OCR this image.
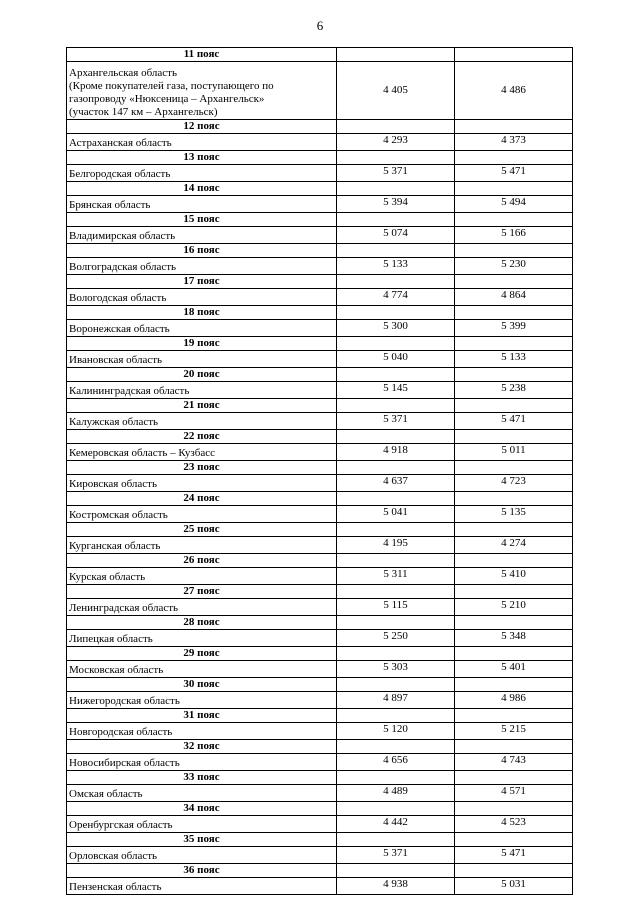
6
11 пояс		

Архангельская область
(Кроме покупателей газа, поступающего по
газопроводу «Нюксеница – Архангельск»
(участок 147 км – Архангельск)	4 405	4 486
12 пояс		

Астраханская область	4 293	4 373
13 пояс		

Белгородская область	5 371	5 471
14 пояс		

Брянская область	5 394	5 494
15 пояс		

Владимирская область	5 074	5 166
16 пояс		

Волгоградская область	5 133	5 230
17 пояс		

Вологодская область	4 774	4 864
18 пояс		

Воронежская область	5 300	5 399
19 пояс		

Ивановская область	5 040	5 133
20 пояс		

Калининградская область	5 145	5 238
21 пояс		

Калужская область	5 371	5 471
22 пояс		

Кемеровская область – Кузбасс	4 918	5 011
23 пояс		

Кировская область	4 637	4 723
24 пояс		

Костромская область	5 041	5 135
25 пояс		

Курганская область	4 195	4 274
26 пояс		

Курская область	5 311	5 410
27 пояс		

Ленинградская область	5 115	5 210
28 пояс		

Липецкая область	5 250	5 348
29 пояс		

Московская область	5 303	5 401
30 пояс		

Нижегородская область	4 897	4 986
31 пояс		

Новгородская область	5 120	5 215
32 пояс		

Новосибирская область	4 656	4 743
33 пояс		

Омская область	4 489	4 571
34 пояс		

Оренбургская область	4 442	4 523
35 пояс		

Орловская область	5 371	5 471
36 пояс		

Пензенская область	4 938	5 031
